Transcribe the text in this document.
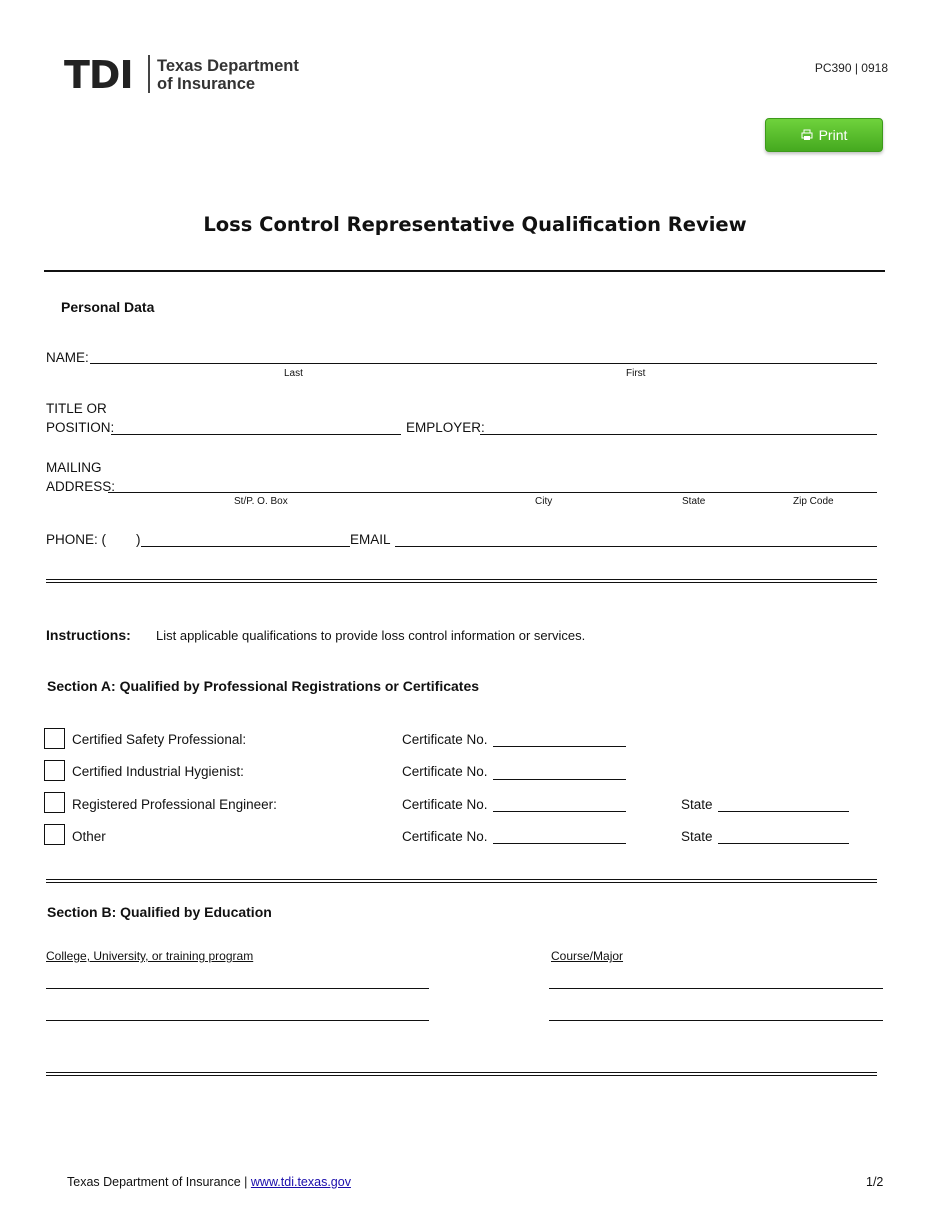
TDI Texas Department
of Insurance
PC390 | 0918
Print
Loss Control Representative Qualification Review
Personal Data
NAME:
Last	First
TITLE OR
POSITION:	EMPLOYER:
MAILING
ADDRESS:
St/P. O. Box	City	State	Zip Code
PHONE: ( )	EMAIL
Instructions: List applicable qualifications to provide loss control information or services.
Section A: Qualified by Professional Registrations or Certificates
Certified Safety Professional:	Certificate No.
Certified Industrial Hygienist:	Certificate No.
Registered Professional Engineer:	Certificate No.	State
Other	Certificate No.	State
Section B: Qualified by Education
College, University, or training program	Course/Major
Texas Department of Insurance | www.tdi.texas.gov	1/2
